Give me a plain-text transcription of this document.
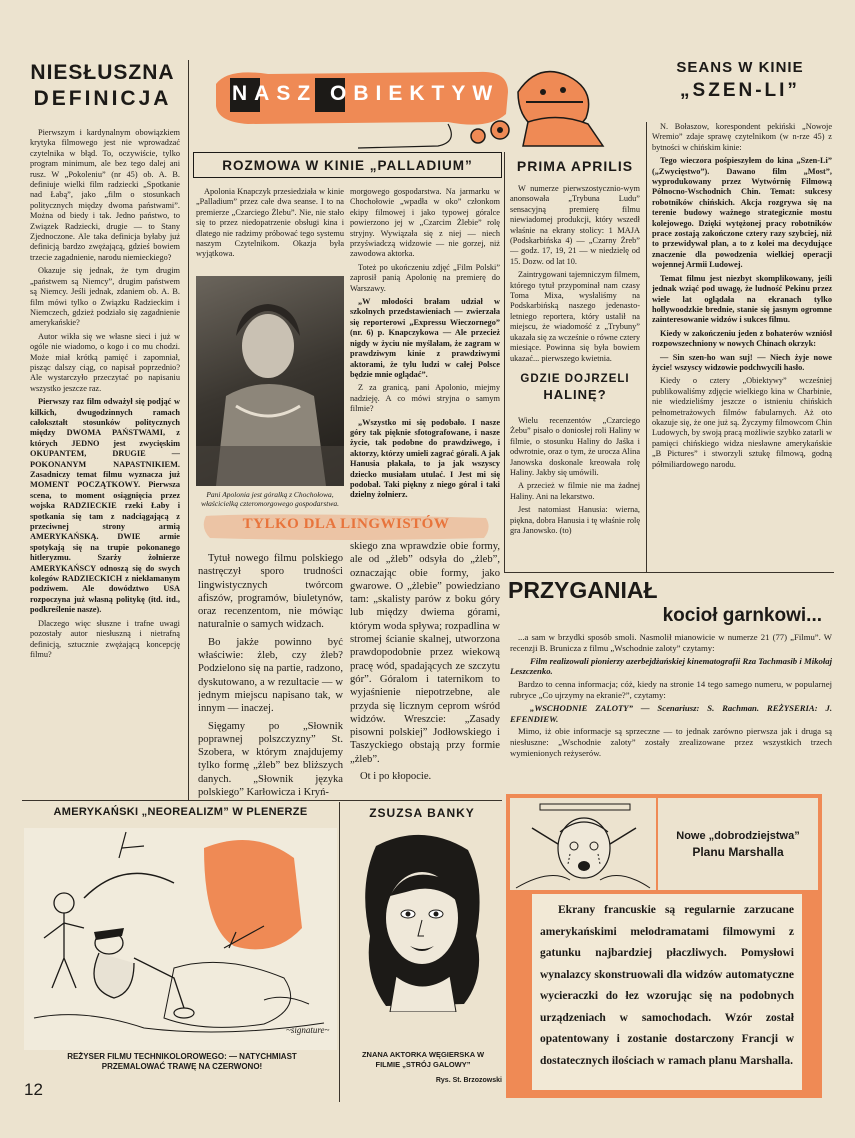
NIESŁUSZNA
DEFINICJA	NASZ OBIEKTYW
SEANS W KINIE
„SZEN-LI”

Pierwszym i kardynalnym obowiązkiem krytyka filmowego jest nie wprowadzać czytelnika w błąd. To, oczywiście, tylko program minimum, ale bez tego dalej ani rusz. W „Pokoleniu” (nr 45) ob. A. B. definiuje wielki film radziecki „Spotkanie nad Łabą”, jako „film o stosunkach politycznych między dwoma państwami”. Można od biedy i tak. Jedno państwo, to Związek Radziecki, drugie — to Stany Zjednoczone. Ale taka definicja byłaby już definicją bardzo zwężającą, gdzieś bowiem trzecie zagadnienie, narodu niemieckiego?

Okazuje się jednak, że tym drugim „państwem są Niemcy”, drugim państwem są Niemcy. Jeśli jednak, zdaniem ob. A. B. film mówi tylko o Związku Radzieckim i Niemczech, gdzież podziało się zagadnienie amerykańskie?

Autor wikła się we własne sieci i już w ogóle nie wiadomo, o kogo i co mu chodzi. Może miał krótką pamięć i zapomniał, pisząc dalszy ciąg, co napisał poprzednio? Ale wystarczyło przeczytać po napisaniu wszystko jeszcze raz.

Pierwszy raz film odważył się podjąć w kilkich, dwugodzinnych ramach całokształt stosunków politycznych między DWOMA PAŃSTWAMI, z których JEDNO jest zwycięskim OKUPANTEM, DRUGIE — POKONANYM NAPASTNIKIEM. Zasadniczy temat filmu wyznacza już MOMENT POCZĄTKOWY. Pierwsza scena, to moment osiągnięcia przez wojska RADZIECKIE rzeki Łaby i spotkania się tam z nadciągającą z przeciwnej strony armią AMERYKAŃSKĄ. DWIE armie spotykają się na trupie pokonanego hitleryzmu. Szarży żołnierze AMERYKAŃSCY odnoszą się do swych kolegów RADZIECKICH z niekłamanym podziwem. Ale dowództwo USA rozpoczyna już własną politykę (itd. itd., podkreślenie nasze).

Dlaczego więc słuszne i trafne uwagi pozostały autor niesłuszną i nietrafną definicją, sztucznie zwężającą koncepcję filmu?

ROZMOWA W KINIE „PALLADIUM”

Apolonia Knapczyk przesiedziała w kinie „Palladium” przez całe dwa seanse. I to na premierze „Czarciego Żlebu”. Nie, nie stało się to przez niedopatrzenie obsługi kina i dlatego nie radzimy próbować tego systemu naszym Czytelnikom. Okazja była wyjątkowa.

Pani Apolonia jest góralką z Chochołowa, właścicielką czteromorgowego gospodarstwa.

morgowego gospodarstwa. Na jarmarku w Chochołowie „wpadła w oko” członkom ekipy filmowej i jako typowej góralce powierzono jej w „Czarcim Żlebie” rolę stryjny. Wywiązała się z niej — niech przyświadczą widzowie — nie gorzej, niż zawodowa aktorka.

Toteż po ukończeniu zdjęć „Film Polski” zaprosił panią Apolonię na premierę do Warszawy.

„W młodości brałam udział w szkolnych przedstawieniach — zwierzała się reporterowi „Expressu Wieczornego” (nr. 6) p. Knapczykowa — Ale przecież nigdy w życiu nie myślałam, że zagram w prawdziwym kinie z prawdziwymi aktorami, że tylu ludzi w całej Polsce będzie mnie oglądać”.

Z za granicą, pani Apolonio, miejmy nadzieję. A co mówi stryjna o samym filmie?

„Wszystko mi się podobało. I nasze góry tak pięknie sfotografowane, i nasze życie, tak podobne do prawdziwego, i aktorzy, którzy umieli zagrać górali. A jak Hanusia płakała, to ja jak wszyscy dziecko musiałam utulać. I Jest mi się podobał. Taki piękny z niego góral i taki dzielny żołnierz.

PRIMA APRILIS

W numerze pierwszostycznio-wym anonsowała „Trybuna Ludu” sensacyjną premierę filmu niewiadomej produkcji, który wszedł właśnie na ekrany stolicy: 1 MAJA (Podskarbińska 4) — „Czarny Żreb” — godz. 17, 19, 21 — w niedzielę od 15. Dozw. od lat 10.

Zaintrygowani tajemniczym filmem, którego tytuł przypominał nam czasy Toma Mixa, wysłaliśmy na Podskarbińską naszego jedenasto-letniego reportera, który ustalił na miejscu, że wiadomość z „Trybuny” ukazała się za wcześnie o równe cztery miesiące. Powinna się była bowiem ukazać... pierwszego kwietnia.

GDZIE DOJRZELI
HALINĘ?

Wielu recenzentów „Czarciego Żebu” pisało o doniosłej roli Haliny w filmie, o stosunku Haliny do Jaśka i odwrotnie, oraz o tym, że urocza Alina Janowska doskonale kreowała rolę Haliny. Jakby się umówili.

A przecież w filmie nie ma żadnej Haliny. Ani na lekarstwo.

Jest natomiast Hanusia: wierna, piękna, dobra Hanusia i tę właśnie rolę gra Janowsko. (to)

N. Bołaszow, korespondent pekiński „Nowoje Wremio” zdaje sprawę czytelnikom (w n-rze 45) z bytności w chińskim kinie:

Tego wieczora pośpieszyłem do kina „Szen-Li” („Zwycięstwo”). Dawano film „Most”, wyprodukowany przez Wytwórnię Filmową Północno-Wschodnich Chin. Temat: sukcesy robotników chińskich. Akcja rozgrywa się na terenie budowy ważnego strategicznie mostu kolejowego. Dzięki wytężonej pracy robotników prace zostają zakończone cztery razy szybciej, niż to przewidywał plan, a to z kolei ma decydujące znaczenie dla powodzenia wielkiej operacji wojennej Armii Ludowej.

Temat filmu jest niezbyt skomplikowany, jeśli jednak wziąć pod uwagę, że ludność Pekinu przez wiele lat oglądała na ekranach tylko hollywoodzkie brednie, stanie się jasnym ogromne zainteresowanie widzów i sukces filmu.

Kiedy w zakończeniu jeden z bohaterów wzniósł rozpowszechniony w nowych Chinach okrzyk:

— Sin szen-ho wan suj! — Niech żyje nowe życie! wszyscy widzowie podchwycili hasło.

Kiedy o cztery „Obiektywy” wcześniej publikowaliśmy zdjęcie wielkiego kina w Charbinie, nie wiedzieliśmy jeszcze o istnieniu chińskich pełnometrażowych filmów fabularnych. Aż oto okazuje się, że one już są. Życzymy filmowcom Chin Ludowych, by swoją pracą możliwie szybko zatarli w pamięci chińskiego widza niesławne amerykańskie „B Pictures” i stworzyli sztukę filmową, godną półmiliardowego narodu.

TYLKO DLA LINGWISTÓW

Tytuł nowego filmu polskiego nastręczył sporo trudności lingwistycznych twórcom afiszów, programów, biuletynów, oraz recenzentom, nie mówiąc naturalnie o samych widzach.

Bo jakże powinno być właściwie: żleb, czy żleb? Podzielono się na partie, radzono, dyskutowano, a w rezultacie — w jednym miejscu napisano tak, w innym — inaczej.

Sięgamy po „Słownik poprawnej polszczyzny” St. Szobera, w którym znajdujemy tylko formę „żleb” bez bliższych danych. „Słownik języka polskiego” Karłowicza i Kryń-

skiego zna wprawdzie obie formy, ale od „żleb” odsyła do „żleb”, oznaczając obie formy, jako gwarowe. O „żlebie” powiedziano tam: „skalisty parów z boku góry lub między dwiema górami, którym woda spływa; rozpadlina w stromej ścianie skalnej, utworzona prawdopodobnie przez wiekową pracę wód, spadających ze szczytu gór”. Góralom i taternikom to wyjaśnienie niepotrzebne, ale przyda się licznym ceprom wśród widzów. Wreszcie: „Zasady pisowni polskiej” Jodłowskiego i Taszyckiego obstają przy formie „żleb”.

Ot i po kłopocie.

PRZYGANIAŁ
kocioł garnkowi...

...a sam w brzydki sposób smoli. Nasmolił mianowicie w numerze 21 (77) „Filmu”. W recenzji B. Brunicza z filmu „Wschodnie zaloty” czytamy:

Film realizowali pionierzy azerbejdżańskiej kinematografii Rza Tachmasib i Mikołaj Leszczenko.

Bardzo to cenna informacja; cóż, kiedy na stronie 14 tego samego numeru, w popularnej rubryce „Co ujrzymy na ekranie?”, czytamy:

„WSCHODNIE ZALOTY” — Scenariusz: S. Rachman. REŻYSERIA: J. EFENDIEW.

Mimo, iż obie informacje są sprzeczne — to jednak zarówno pierwsza jak i druga są niesłuszne: „Wschodnie zaloty” zostały zrealizowane przez wszystkich trzech wymienionych reżyserów.

AMERYKAŃSKI „NEOREALIZM” W PLENERZE
~signature~
REŻYSER FILMU TECHNIKOLOROWEGO: — NATYCHMIAST PRZEMALOWAĆ TRAWĘ NA CZERWONO!
ZSUZSA BANKY
ZNANA AKTORKA WĘGIERSKA W FILMIE „STRÓJ GALOWY”
Rys. St. Brzozowski
Nowe „dobrodziejstwa”
Planu Marshalla

Ekrany francuskie są regularnie zarzucane amerykańskimi melodramatami filmowymi z gatunku najbardziej płaczliwych. Pomysłowi wynalazcy skonstruowali dla widzów automatyczne wycieraczki do łez wzorując się na podobnych urządzeniach w samochodach. Wzór został opatentowany i zostanie dostarczony Francji w dostatecznych ilościach w ramach planu Marshalla.

12
